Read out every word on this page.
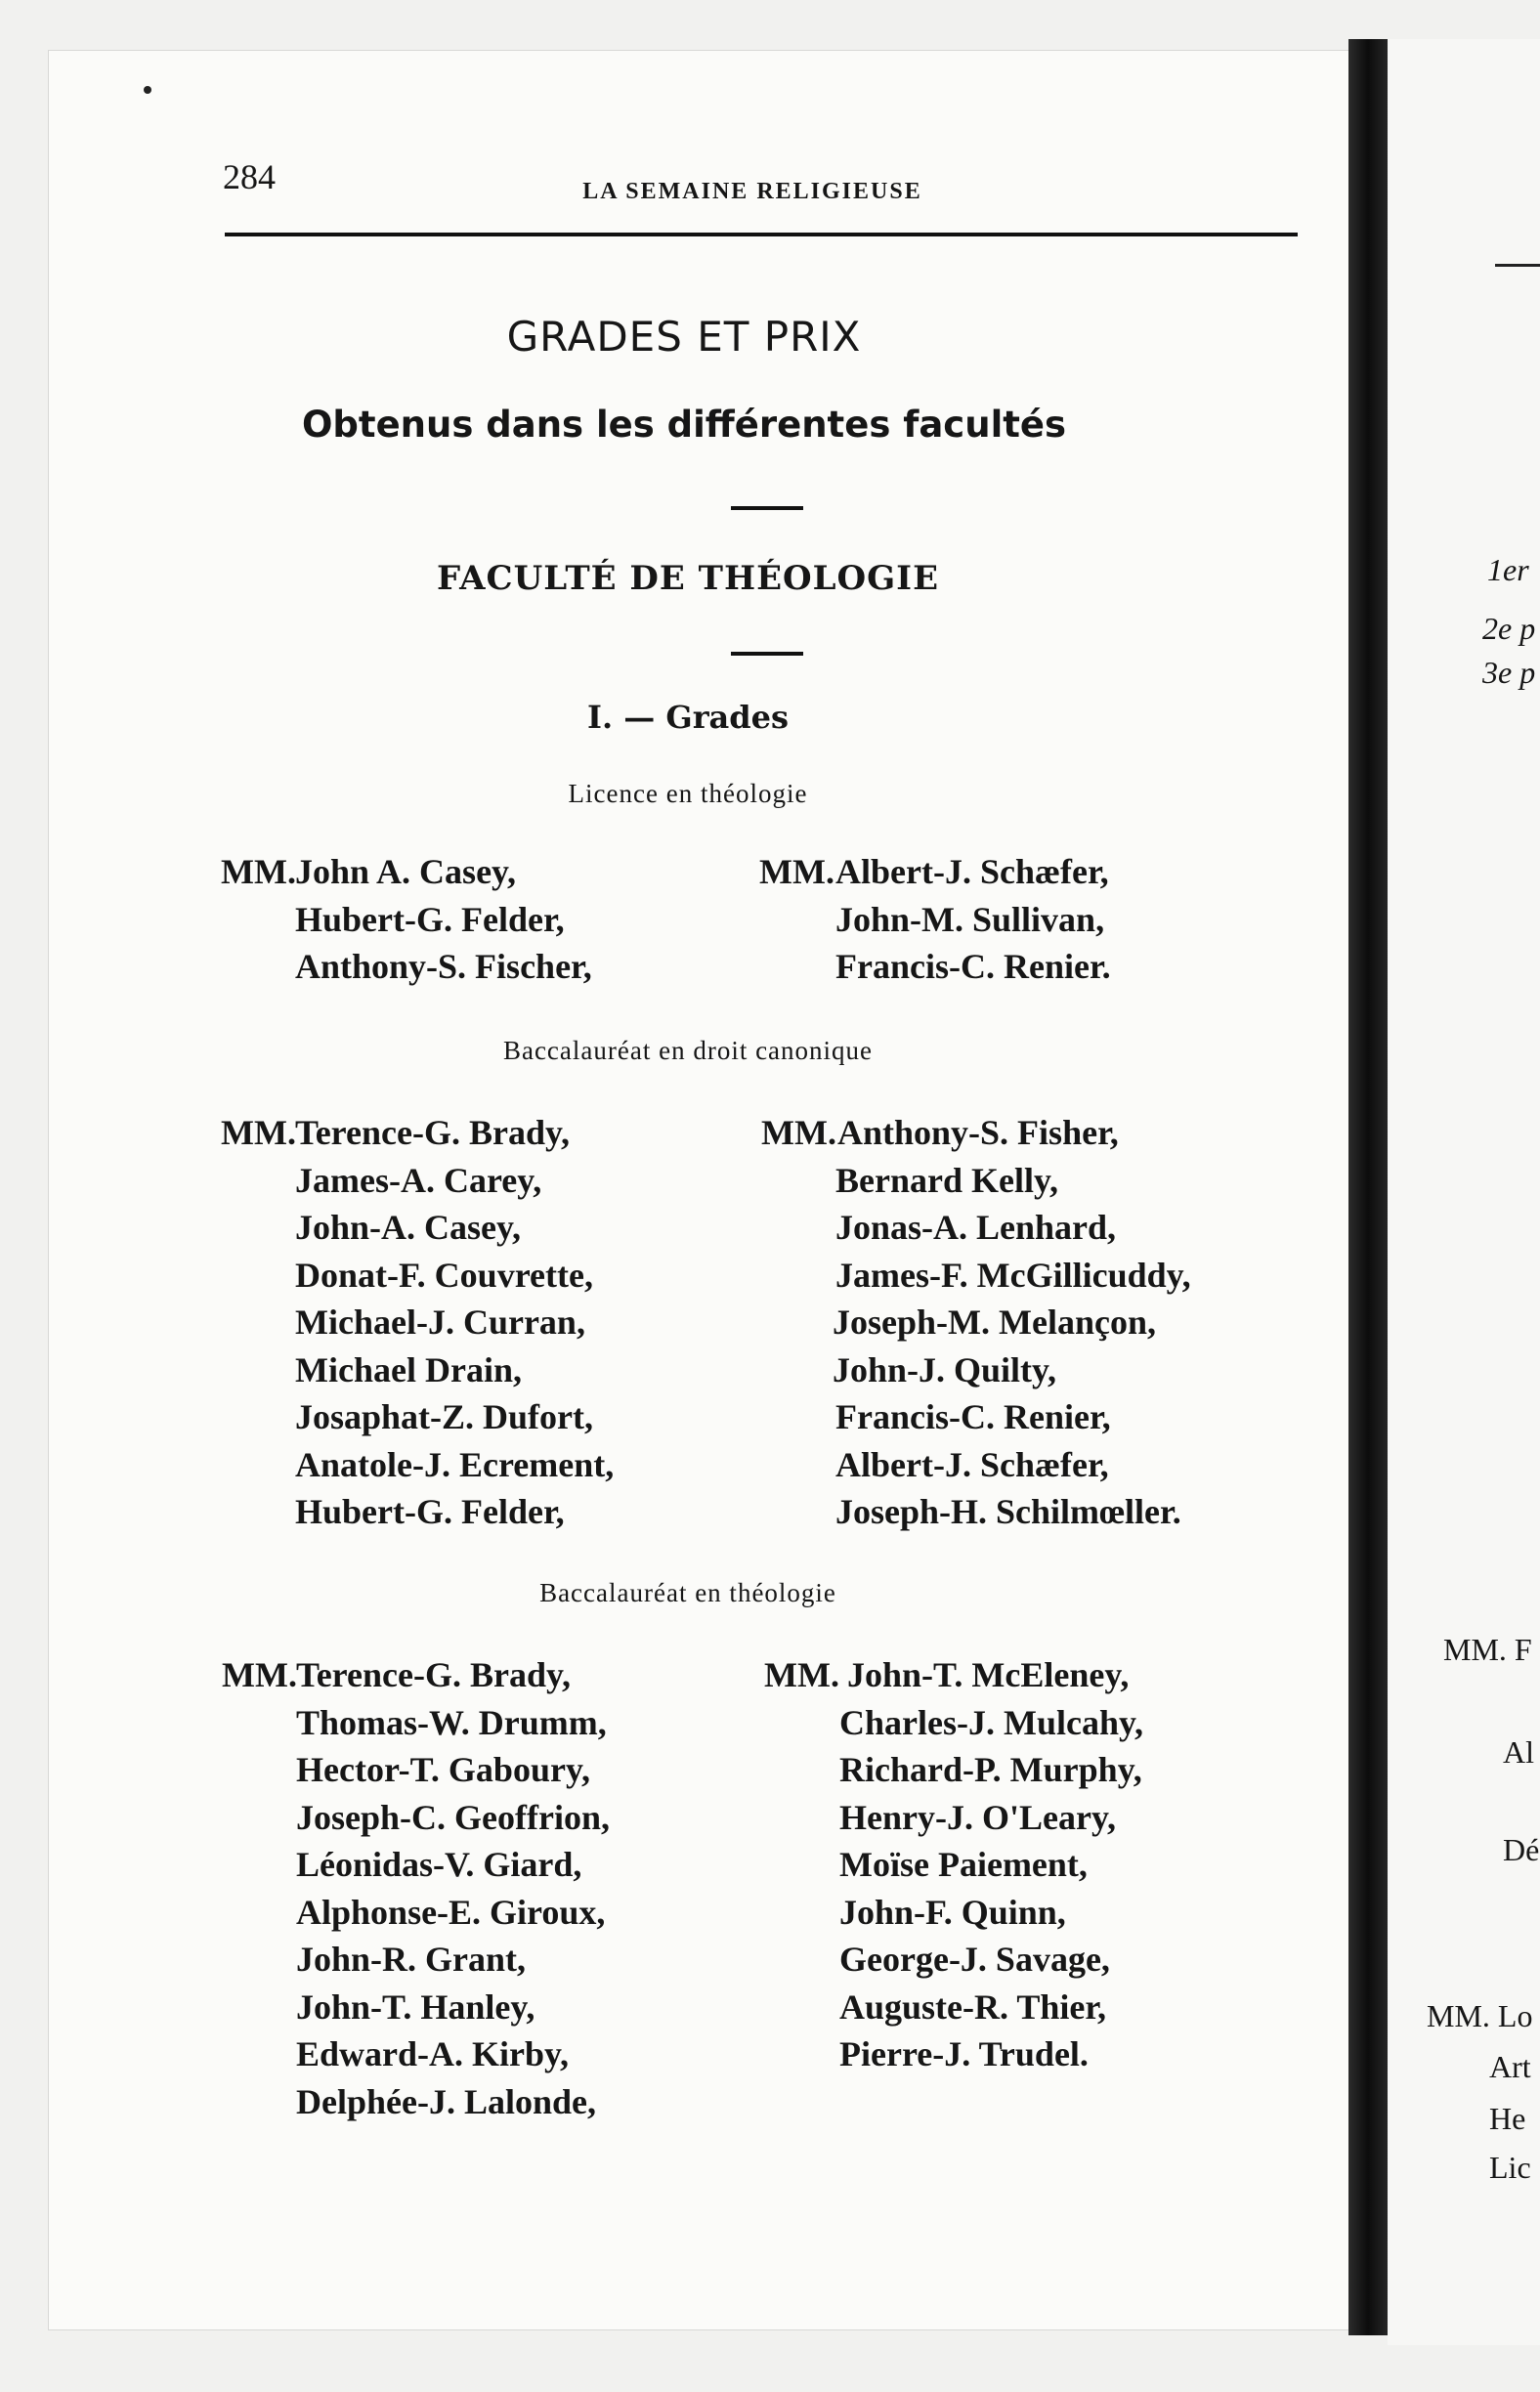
1er
2e p
3e p
MM. F
Al
Dé
MM. Lo
Art
He
Lic
284	LA SEMAINE RELIGIEUSE
GRADES ET PRIX
Obtenus dans les différentes facultés
FACULTÉ DE THÉOLOGIE
I. — Grades
Licence en théologie
MM. John A. Casey,
Hubert-G. Felder,
Anthony-S. Fischer,
MM. Albert-J. Schæfer,
John-M. Sullivan,
Francis-C. Renier.
Baccalauréat en droit canonique
MM. Terence-G. Brady,
James-A. Carey,
John-A. Casey,
Donat-F. Couvrette,
Michael-J. Curran,
Michael Drain,
Josaphat-Z. Dufort,
Anatole-J. Ecrement,
Hubert-G. Felder,
MM. Anthony-S. Fisher,
Bernard Kelly,
Jonas-A. Lenhard,
James-F. McGillicuddy,
Joseph-M. Melançon,
John-J. Quilty,
Francis-C. Renier,
Albert-J. Schæfer,
Joseph-H. Schilmœller.
Baccalauréat en théologie
MM. Terence-G. Brady,
Thomas-W. Drumm,
Hector-T. Gaboury,
Joseph-C. Geoffrion,
Léonidas-V. Giard,
Alphonse-E. Giroux,
John-R. Grant,
John-T. Hanley,
Edward-A. Kirby,
Delphée-J. Lalonde,
MM. John-T. McEleney,
Charles-J. Mulcahy,
Richard-P. Murphy,
Henry-J. O'Leary,
Moïse Paiement,
John-F. Quinn,
George-J. Savage,
Auguste-R. Thier,
Pierre-J. Trudel.
